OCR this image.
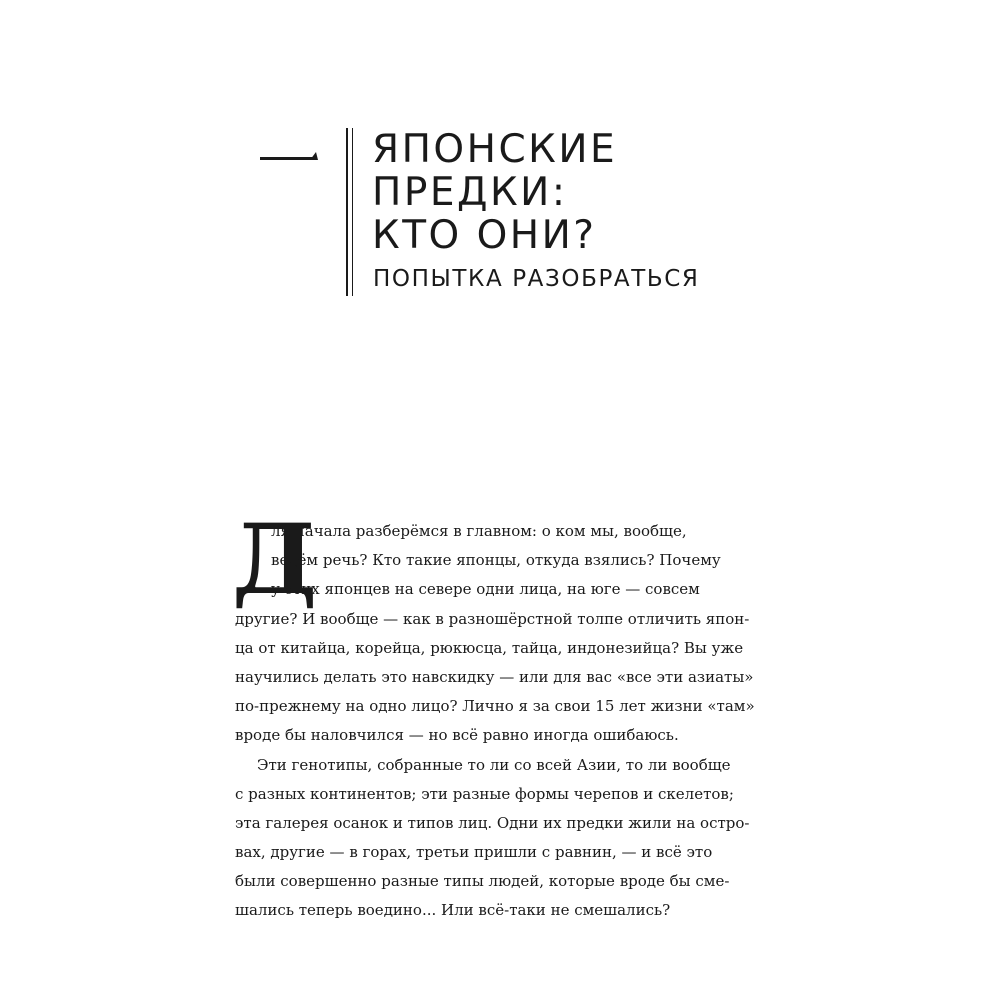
ЯПОНСКИЕ
ПРЕДКИ:
КТО ОНИ?
ПОПЫТКА РАЗОБРАТЬСЯ
Д
ля начала разберёмся в главном: о ком мы, вообще,
ведём речь? Кто такие японцы, откуда взялись? Почему
у этих японцев на севере одни лица, на юге — совсем
другие? И вообще — как в разношёрстной толпе отличить япон-
ца от китайца, корейца, рюкюсца, тайца, индонезийца? Вы уже
научились делать это навскидку — или для вас «все эти азиаты»
по-прежнему на одно лицо? Лично я за свои 15 лет жизни «там»
вроде бы наловчился — но всё равно иногда ошибаюсь.
Эти генотипы, собранные то ли со всей Азии, то ли вообще
с разных континентов; эти разные формы черепов и скелетов;
эта галерея осанок и типов лиц. Одни их предки жили на остро-
вах, другие — в горах, третьи пришли с равнин, — и всё это
были совершенно разные типы людей, которые вроде бы сме-
шались теперь воедино... Или всё-таки не смешались?
